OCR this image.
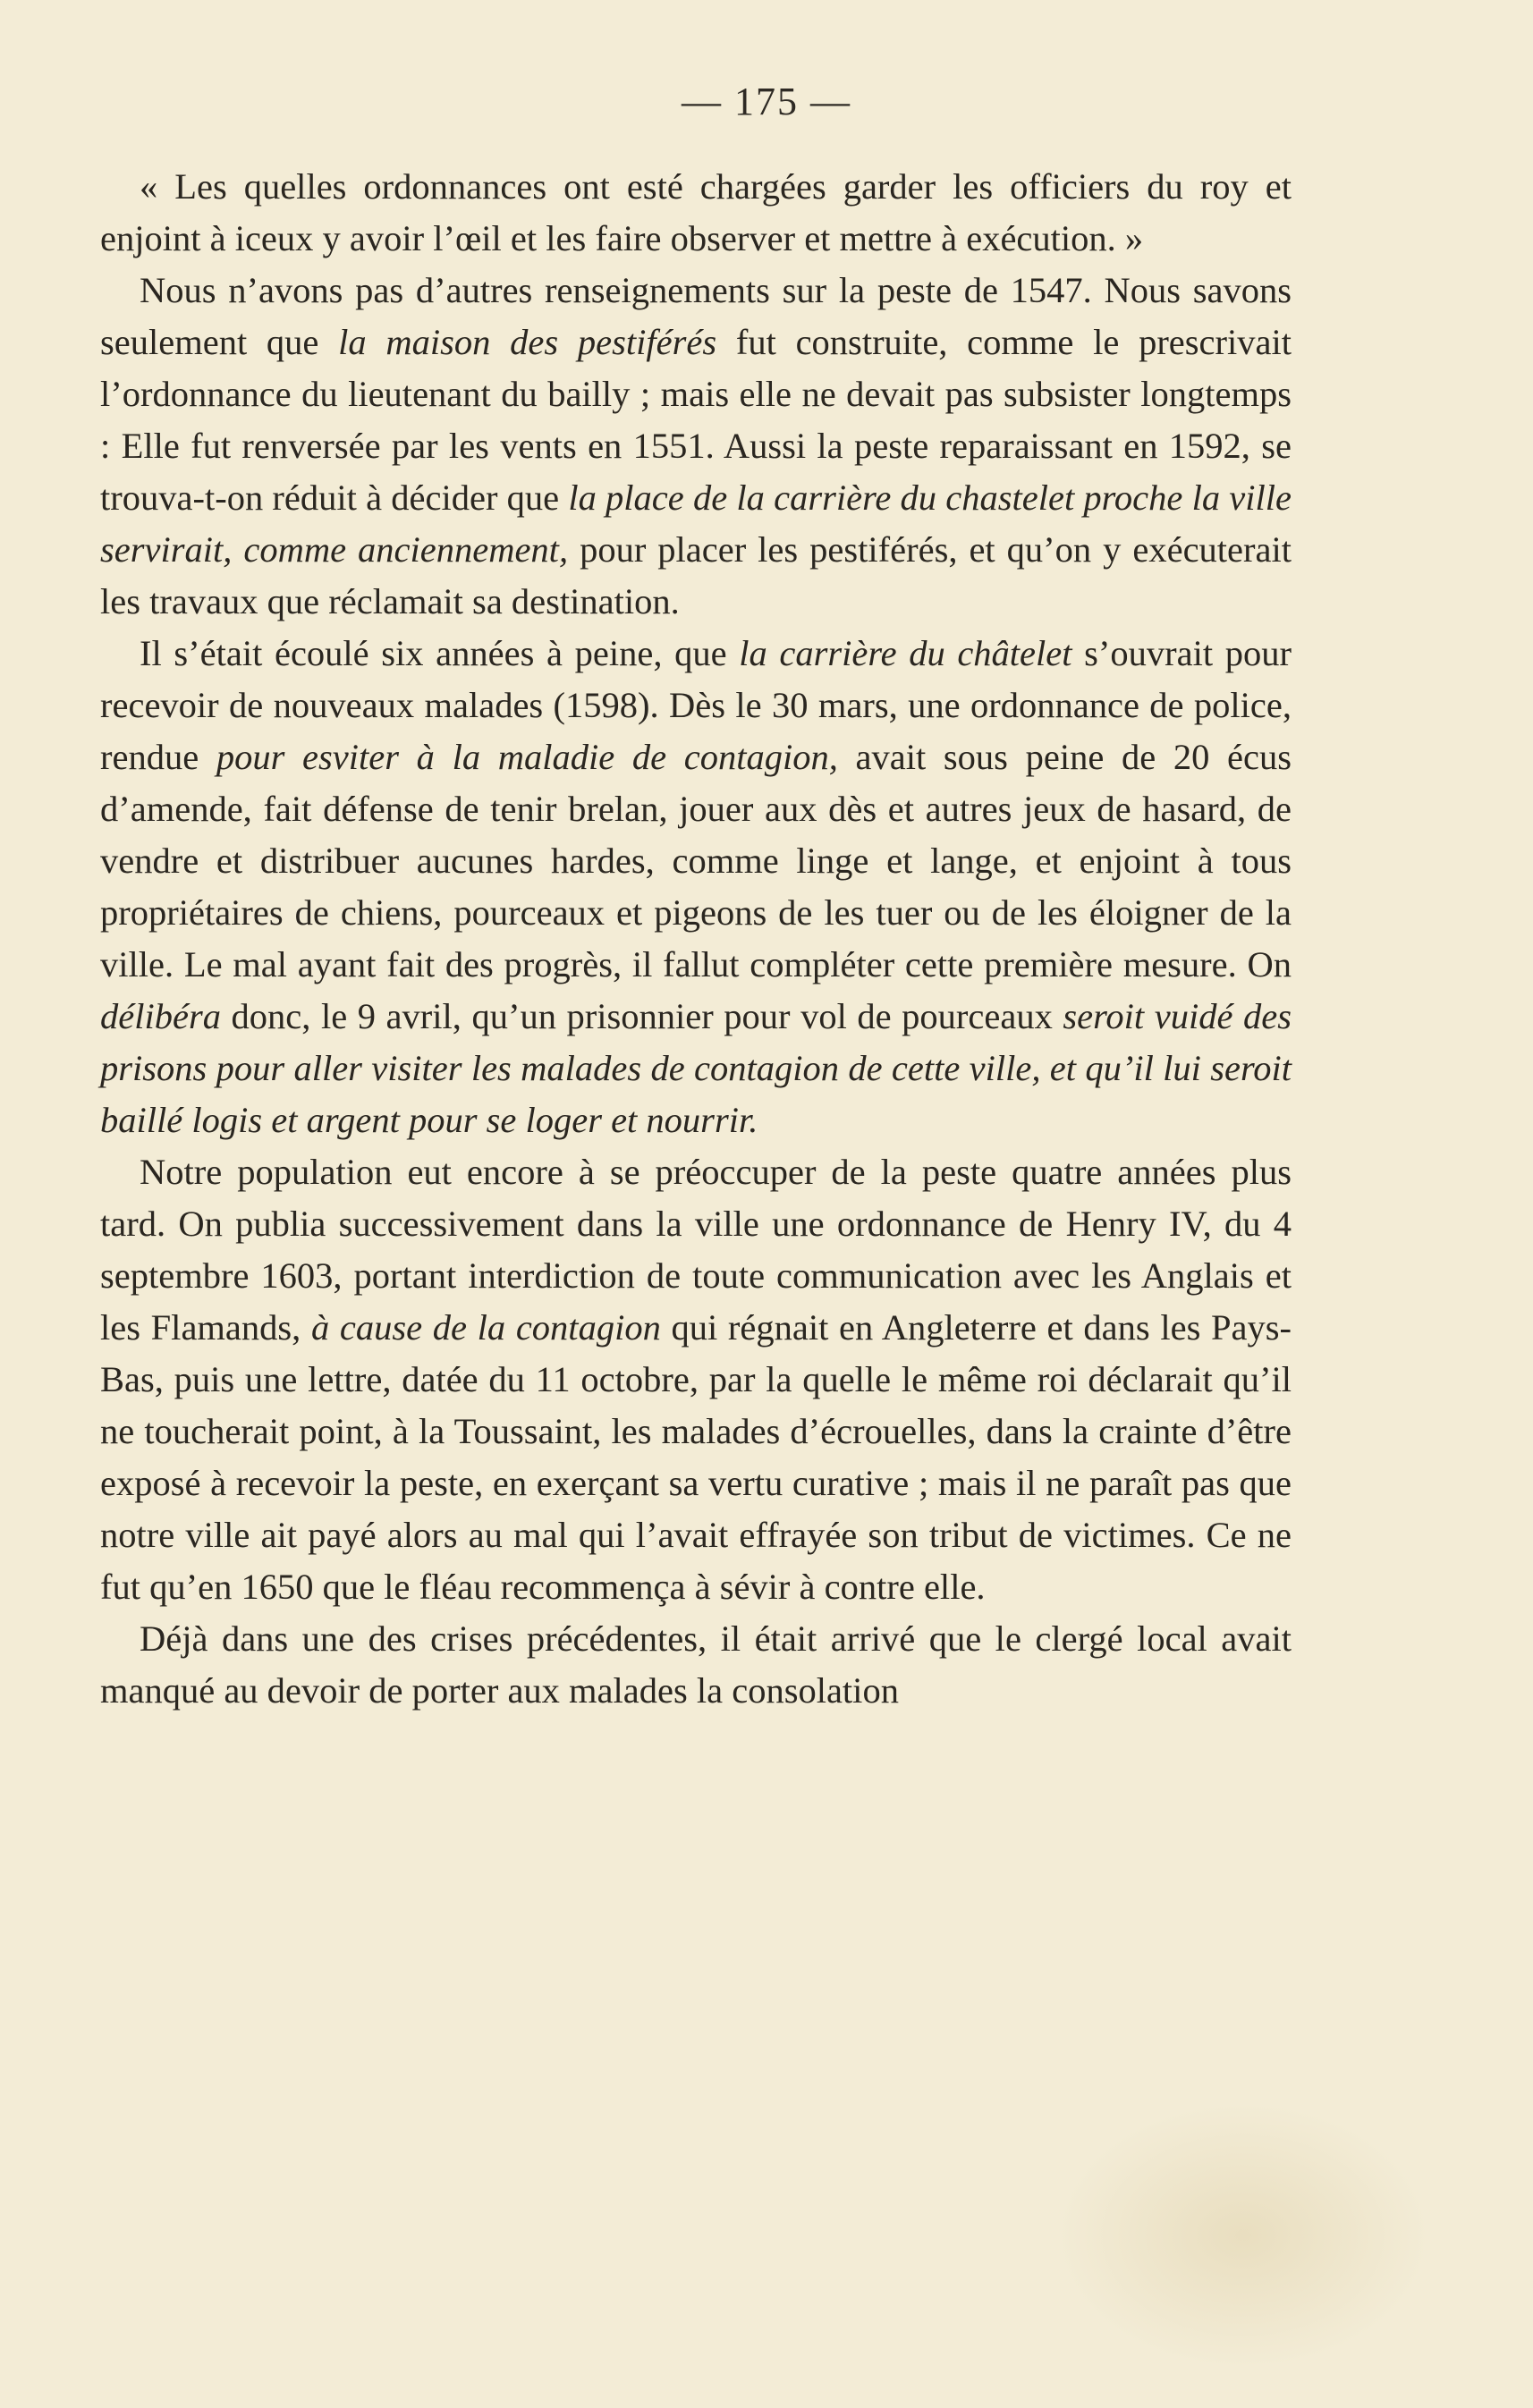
— 175 —

« Les quelles ordonnances ont esté chargées garder les officiers du roy et enjoint à iceux y avoir l’œil et les faire observer et mettre à exécution. »

Nous n’avons pas d’autres renseignements sur la peste de 1547. Nous savons seulement que la maison des pestiférés fut construite, comme le prescrivait l’ordonnance du lieutenant du bailly ; mais elle ne devait pas subsister longtemps : Elle fut renversée par les vents en 1551. Aussi la peste reparaissant en 1592, se trouva-t-on réduit à décider que la place de la carrière du chastelet proche la ville servirait, comme anciennement, pour placer les pestiférés, et qu’on y exécuterait les travaux que réclamait sa destination.

Il s’était écoulé six années à peine, que la carrière du châtelet s’ouvrait pour recevoir de nouveaux malades (1598). Dès le 30 mars, une ordonnance de police, rendue pour esviter à la maladie de contagion, avait sous peine de 20 écus d’amende, fait défense de tenir brelan, jouer aux dès et autres jeux de hasard, de vendre et distribuer aucunes hardes, comme linge et lange, et enjoint à tous propriétaires de chiens, pourceaux et pigeons de les tuer ou de les éloigner de la ville. Le mal ayant fait des progrès, il fallut compléter cette première mesure. On délibéra donc, le 9 avril, qu’un prisonnier pour vol de pourceaux seroit vuidé des prisons pour aller visiter les malades de contagion de cette ville, et qu’il lui seroit baillé logis et argent pour se loger et nourrir.

Notre population eut encore à se préoccuper de la peste quatre années plus tard. On publia successivement dans la ville une ordonnance de Henry IV, du 4 septembre 1603, portant interdiction de toute communication avec les Anglais et les Flamands, à cause de la contagion qui régnait en Angleterre et dans les Pays-Bas, puis une lettre, datée du 11 octobre, par la quelle le même roi déclarait qu’il ne toucherait point, à la Toussaint, les malades d’écrouelles, dans la crainte d’être exposé à recevoir la peste, en exerçant sa vertu curative ; mais il ne paraît pas que notre ville ait payé alors au mal qui l’avait effrayée son tribut de victimes. Ce ne fut qu’en 1650 que le fléau recommença à sévir à contre elle.

Déjà dans une des crises précédentes, il était arrivé que le clergé local avait manqué au devoir de porter aux malades la consolation
